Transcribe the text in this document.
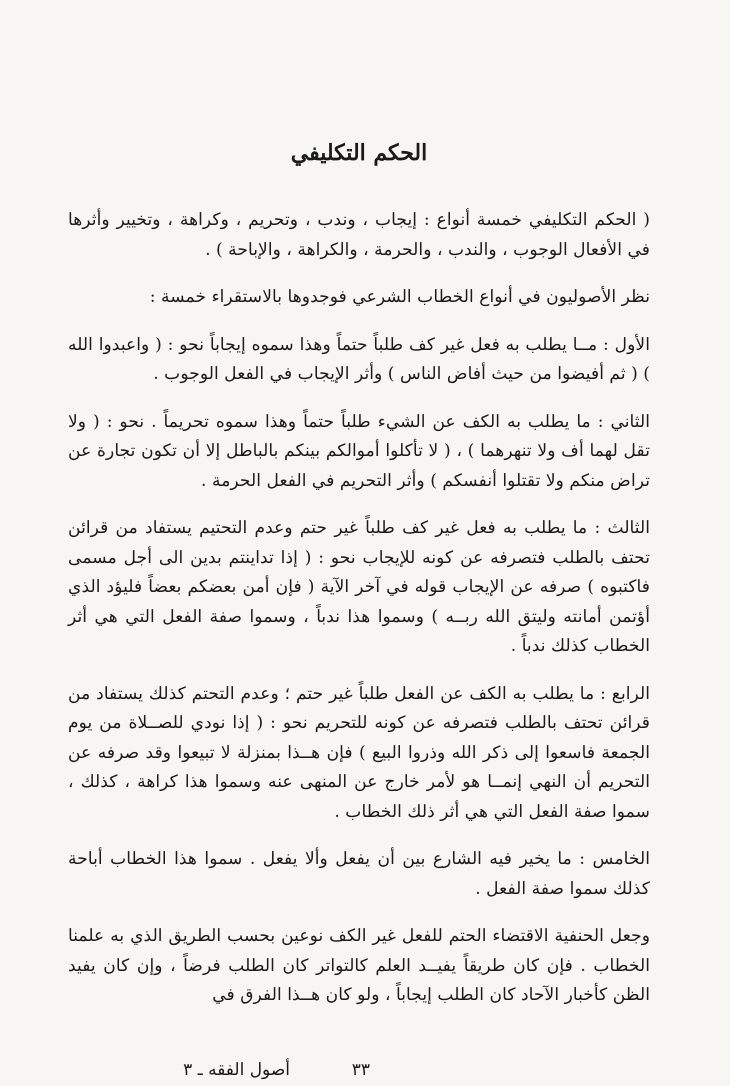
الحكم التكليفي

( الحكم التكليفي خمسة أنواع : إيجاب ، وندب ، وتحريم ، وكراهة ، وتخيير وأثرها في الأفعال الوجوب ، والندب ، والحرمة ، والكراهة ، والإباحة ) .

نظر الأصوليون في أنواع الخطاب الشرعي فوجدوها بالاستقراء خمسة :

الأول : مــا يطلب به فعل غير كف طلباً حتماً وهذا سموه إيجاباً نحو : ( واعبدوا الله ) ( ثم أفيضوا من حيث أفاض الناس ) وأثر الإيجاب في الفعل الوجوب .

الثاني : ما يطلب به الكف عن الشيء طلباً حتماً وهذا سموه تحريماً . نحو : ( ولا تقل لهما أف ولا تنهرهما ) ، ( لا تأكلوا أموالكم بينكم بالباطل إلا أن تكون تجارة عن تراض منكم ولا تقتلوا أنفسكم ) وأثر التحريم في الفعل الحرمة .

الثالث : ما يطلب به فعل غير كف طلباً غير حتم وعدم التحتيم يستفاد من قرائن تحتف بالطلب فتصرفه عن كونه للإيجاب نحو : ( إذا تداينتم بدين الى أجل مسمى فاكتبوه ) صرفه عن الإيجاب قوله في آخر الآية ( فإن أمن بعضكم بعضاً فليؤد الذي أؤتمن أمانته وليتق الله ربــه ) وسموا هذا ندباً ، وسموا صفة الفعل التي هي أثر الخطاب كذلك ندباً .

الرابع : ما يطلب به الكف عن الفعل طلباً غير حتم ؛ وعدم التحتم كذلك يستفاد من قرائن تحتف بالطلب فتصرفه عن كونه للتحريم نحو : ( إذا نودي للصــلاة من يوم الجمعة فاسعوا إلى ذكر الله وذروا البيع ) فإن هــذا بمنزلة لا تبيعوا وقد صرفه عن التحريم أن النهي إنمــا هو لأمر خارج عن المنهى عنه وسموا هذا كراهة ، كذلك ، سموا صفة الفعل التي هي أثر ذلك الخطاب .

الخامس : ما يخير فيه الشارع بين أن يفعل وألا يفعل . سموا هذا الخطاب أباحة كذلك سموا صفة الفعل .

وجعل الحنفية الاقتضاء الحتم للفعل غير الكف نوعين بحسب الطريق الذي به علمنا الخطاب . فإن كان طريقاً يفيــد العلم كالتواتر كان الطلب فرضاً ، وإن كان يفيد الظن كأخبار الآحاد كان الطلب إيجاباً ، ولو كان هــذا الفرق في

أصول الفقه ـ ٣	٣٣
